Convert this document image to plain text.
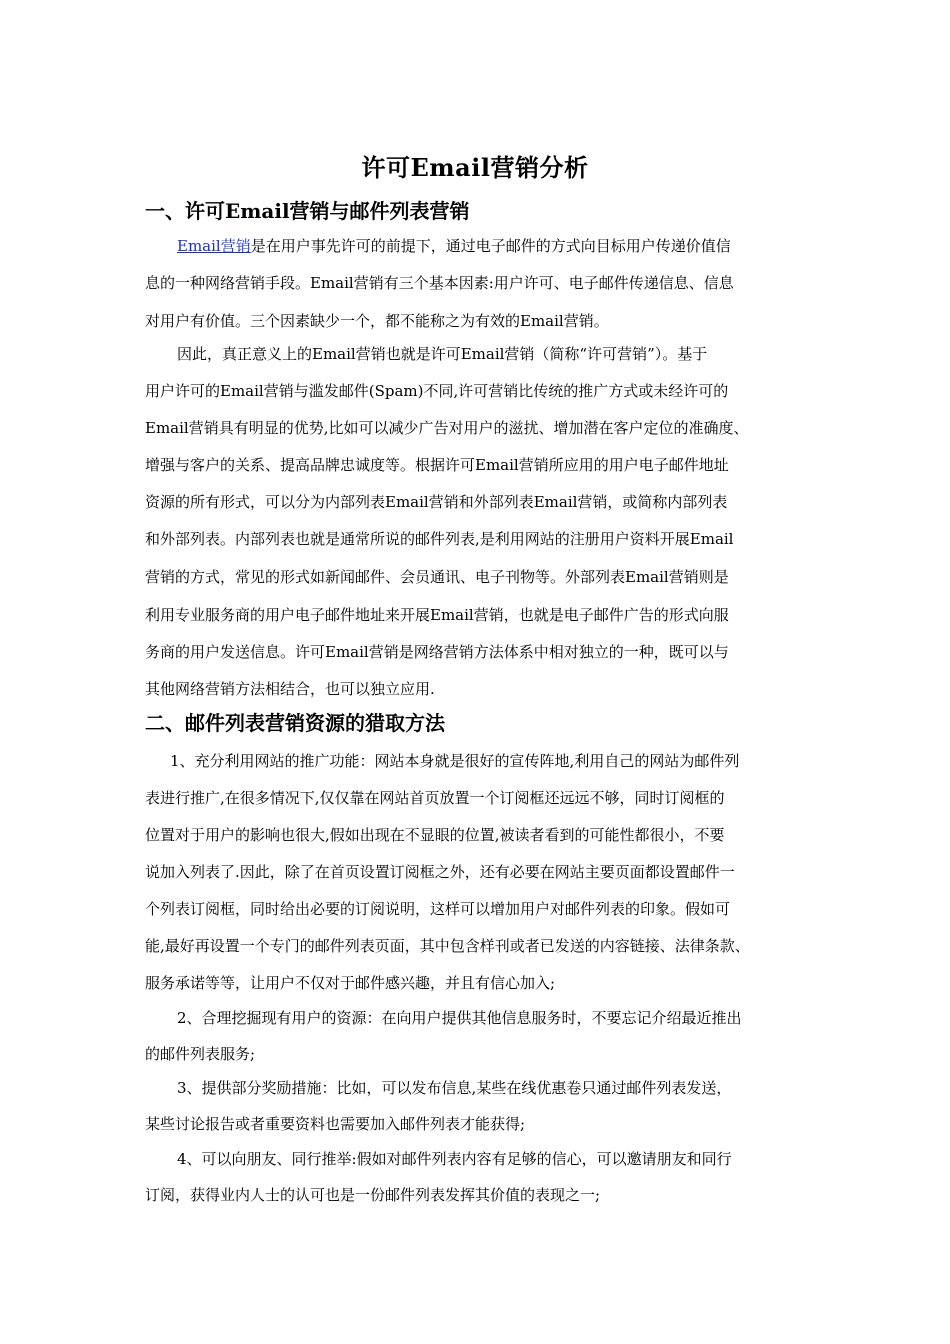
许可Email营销分析
一、许可Email营销与邮件列表营销
Email营销是在用户事先许可的前提下，通过电子邮件的方式向目标用户传递价值信
息的一种网络营销手段。Email营销有三个基本因素:用户许可、电子邮件传递信息、信息
对用户有价值。三个因素缺少一个，都不能称之为有效的Email营销。
因此，真正意义上的Email营销也就是许可Email营销（简称“许可营销”）。基于
用户许可的Email营销与滥发邮件(Spam)不同,许可营销比传统的推广方式或未经许可的
Email营销具有明显的优势,比如可以减少广告对用户的滋扰、增加潜在客户定位的准确度、
增强与客户的关系、提高品牌忠诚度等。根据许可Email营销所应用的用户电子邮件地址
资源的所有形式，可以分为内部列表Email营销和外部列表Email营销，或简称内部列表
和外部列表。内部列表也就是通常所说的邮件列表,是利用网站的注册用户资料开展Email
营销的方式，常见的形式如新闻邮件、会员通讯、电子刊物等。外部列表Email营销则是
利用专业服务商的用户电子邮件地址来开展Email营销，也就是电子邮件广告的形式向服
务商的用户发送信息。许可Email营销是网络营销方法体系中相对独立的一种，既可以与
其他网络营销方法相结合，也可以独立应用.
二、邮件列表营销资源的猎取方法
1、充分利用网站的推广功能：网站本身就是很好的宣传阵地,利用自己的网站为邮件列
表进行推广,在很多情况下,仅仅靠在网站首页放置一个订阅框还远远不够，同时订阅框的
位置对于用户的影响也很大,假如出现在不显眼的位置,被读者看到的可能性都很小，不要
说加入列表了.因此，除了在首页设置订阅框之外，还有必要在网站主要页面都设置邮件一
个列表订阅框，同时给出必要的订阅说明，这样可以增加用户对邮件列表的印象。假如可
能,最好再设置一个专门的邮件列表页面，其中包含样刊或者已发送的内容链接、法律条款、
服务承诺等等，让用户不仅对于邮件感兴趣，并且有信心加入;
2、合理挖掘现有用户的资源：在向用户提供其他信息服务时，不要忘记介绍最近推出
的邮件列表服务;
3、提供部分奖励措施：比如，可以发布信息,某些在线优惠卷只通过邮件列表发送，
某些讨论报告或者重要资料也需要加入邮件列表才能获得;
4、可以向朋友、同行推举:假如对邮件列表内容有足够的信心，可以邀请朋友和同行
订阅，获得业内人士的认可也是一份邮件列表发挥其价值的表现之一;
